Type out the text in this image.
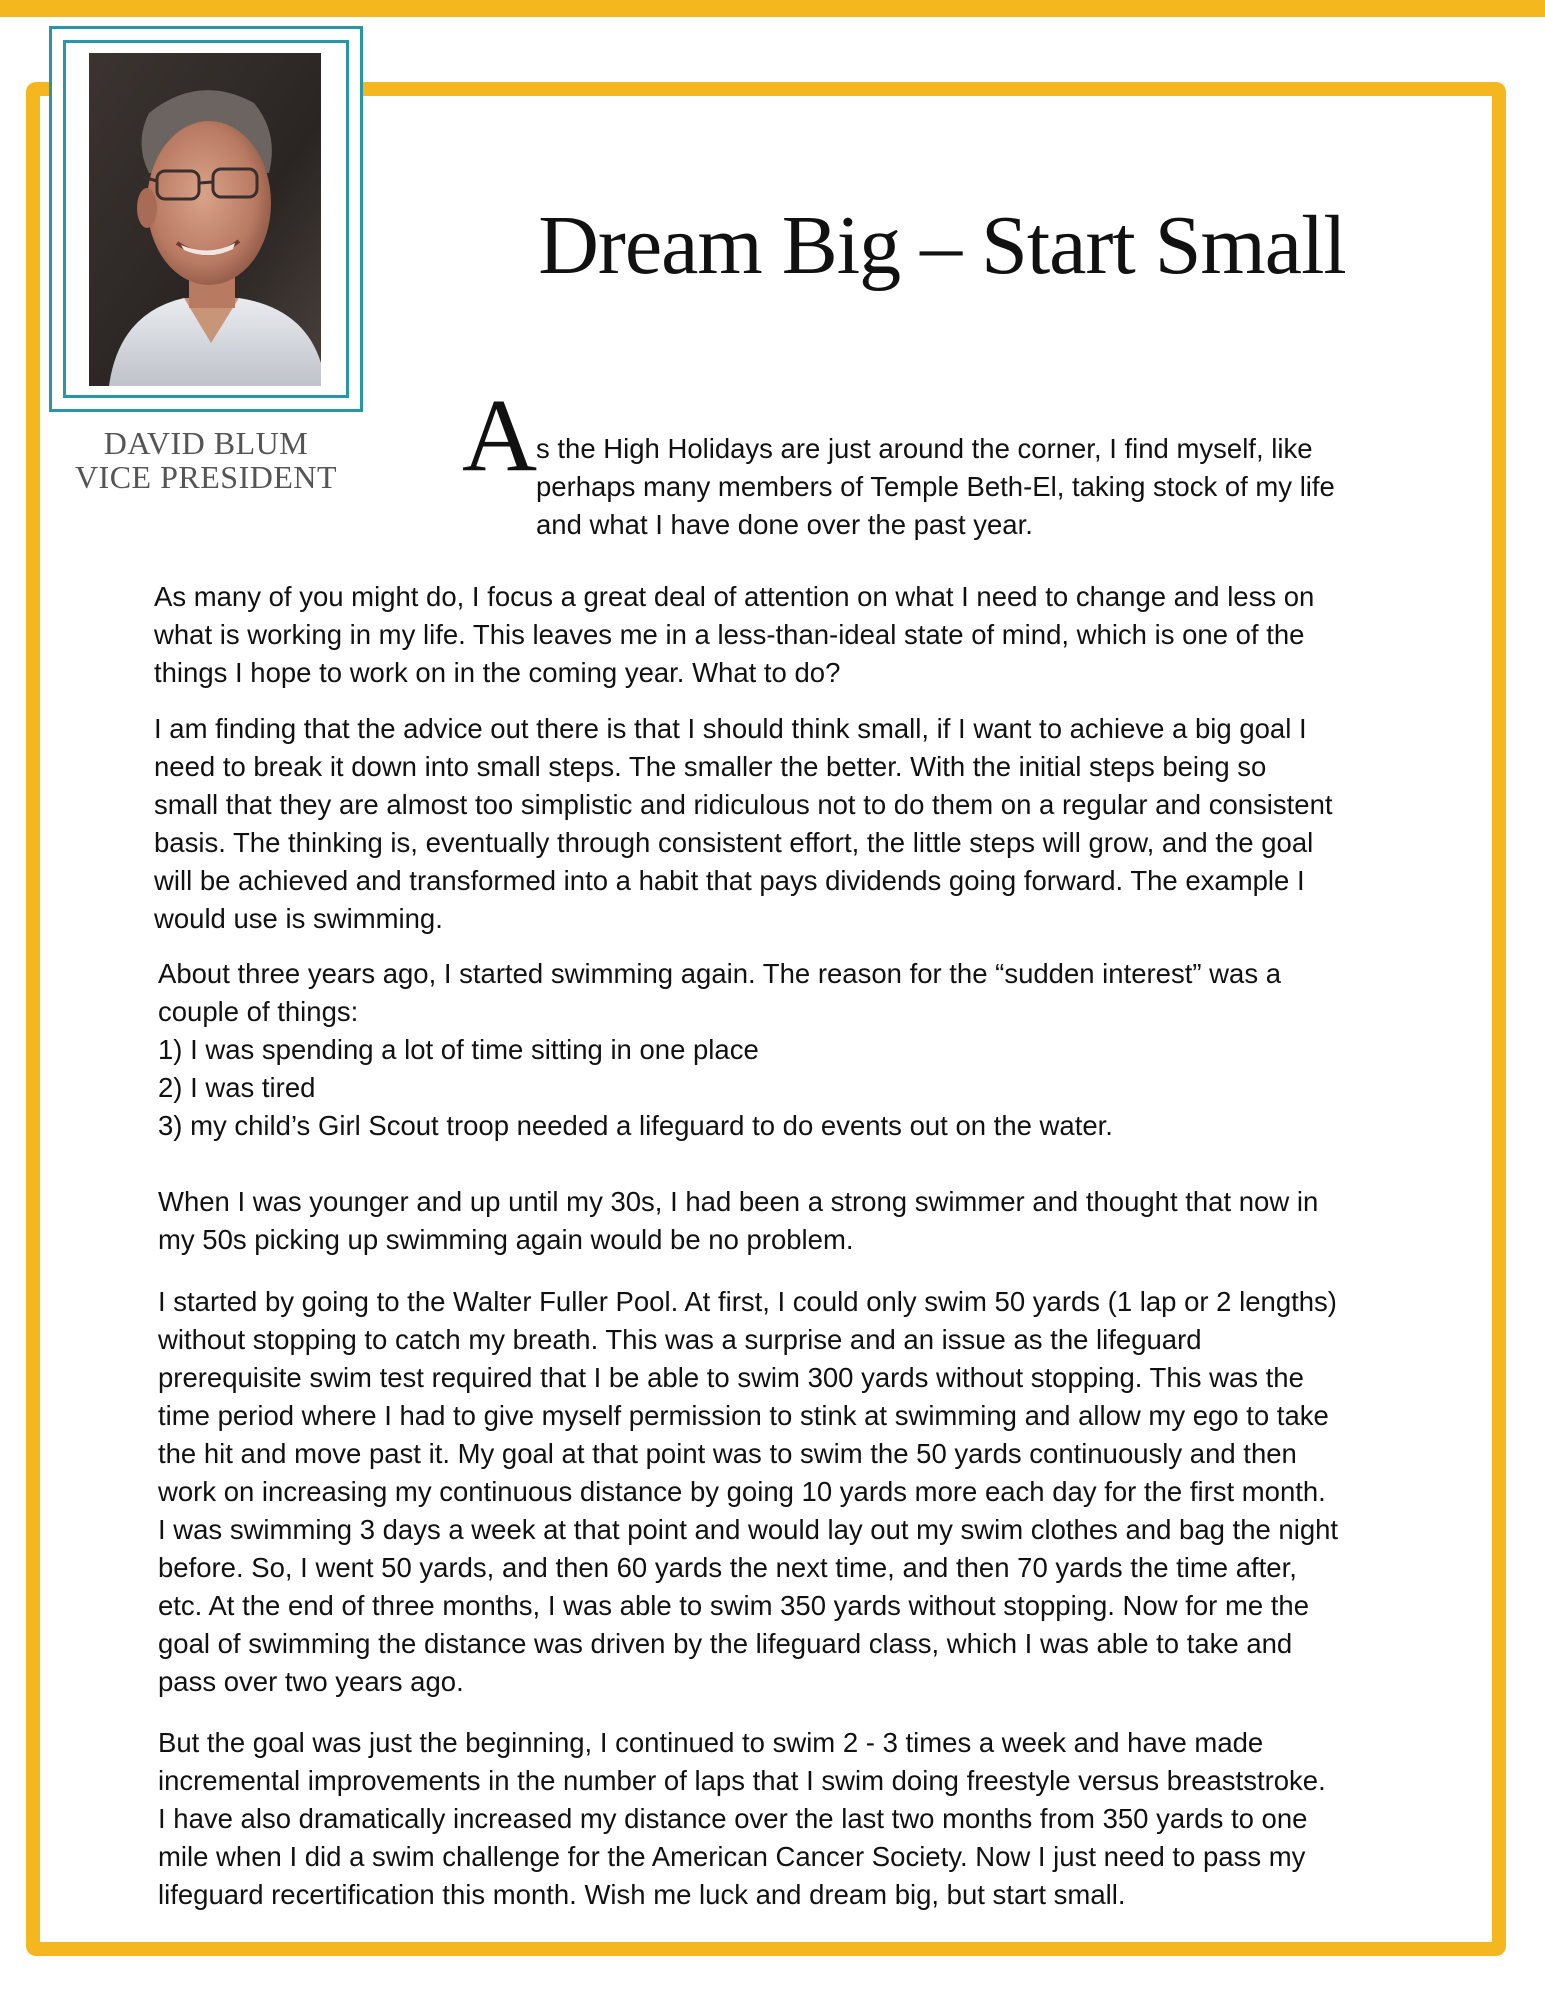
DAVID BLUM
VICE PRESIDENT
Dream Big – Start Small
A
s the High Holidays are just around the corner, I find myself, like
perhaps many members of Temple Beth-El, taking stock of my life
and what I have done over the past year.
As many of you might do, I focus a great deal of attention on what I need to change and less on
what is working in my life. This leaves me in a less-than-ideal state of mind, which is one of the
things I hope to work on in the coming year. What to do?
I am finding that the advice out there is that I should think small, if I want to achieve a big goal I
need to break it down into small steps. The smaller the better. With the initial steps being so
small that they are almost too simplistic and ridiculous not to do them on a regular and consistent
basis. The thinking is, eventually through consistent effort, the little steps will grow, and the goal
will be achieved and transformed into a habit that pays dividends going forward. The example I
would use is swimming.
About three years ago, I started swimming again. The reason for the “sudden interest” was a
couple of things:
1) I was spending a lot of time sitting in one place
2) I was tired
3) my child’s Girl Scout troop needed a lifeguard to do events out on the water.
When I was younger and up until my 30s, I had been a strong swimmer and thought that now in
my 50s picking up swimming again would be no problem.
I started by going to the Walter Fuller Pool. At first, I could only swim 50 yards (1 lap or 2 lengths)
without stopping to catch my breath. This was a surprise and an issue as the lifeguard
prerequisite swim test required that I be able to swim 300 yards without stopping. This was the
time period where I had to give myself permission to stink at swimming and allow my ego to take
the hit and move past it. My goal at that point was to swim the 50 yards continuously and then
work on increasing my continuous distance by going 10 yards more each day for the first month.
I was swimming 3 days a week at that point and would lay out my swim clothes and bag the night
before. So, I went 50 yards, and then 60 yards the next time, and then 70 yards the time after,
etc. At the end of three months, I was able to swim 350 yards without stopping. Now for me the
goal of swimming the distance was driven by the lifeguard class, which I was able to take and
pass over two years ago.
But the goal was just the beginning, I continued to swim 2 - 3 times a week and have made
incremental improvements in the number of laps that I swim doing freestyle versus breaststroke.
I have also dramatically increased my distance over the last two months from 350 yards to one
mile when I did a swim challenge for the American Cancer Society. Now I just need to pass my
lifeguard recertification this month. Wish me luck and dream big, but start small.
